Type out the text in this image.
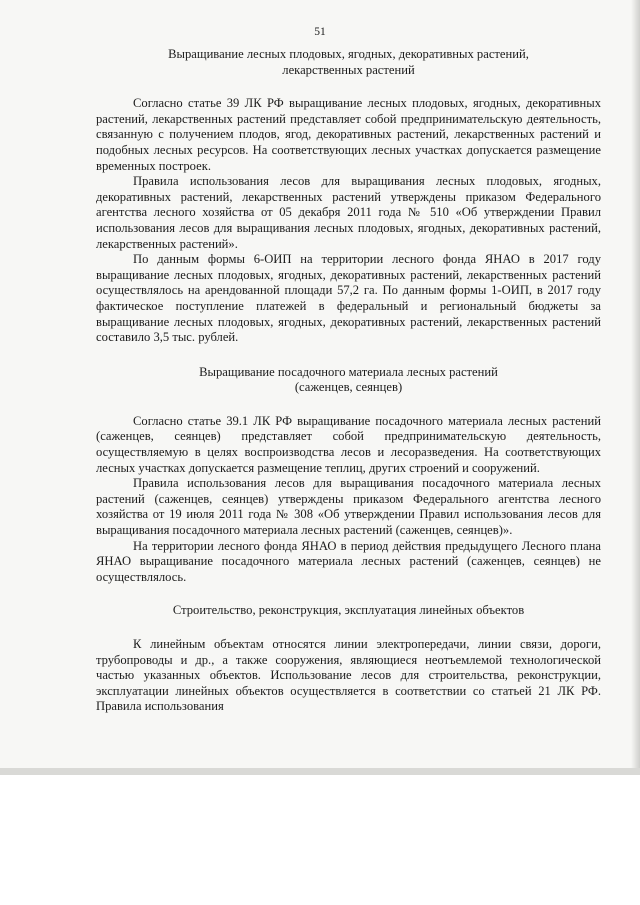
51
Выращивание лесных плодовых, ягодных, декоративных растений,
лекарственных растений

Согласно статье 39 ЛК РФ выращивание лесных плодовых, ягодных, декоративных растений, лекарственных растений представляет собой предпринимательскую деятельность, связанную с получением плодов, ягод, декоративных растений, лекарственных растений и подобных лесных ресурсов. На соответствующих лесных участках допускается размещение временных построек.

Правила использования лесов для выращивания лесных плодовых, ягодных, декоративных растений, лекарственных растений утверждены приказом Федерального агентства лесного хозяйства от 05 декабря 2011 года № 510 «Об утверждении Правил использования лесов для выращивания лесных плодовых, ягодных, декоративных растений, лекарственных растений».

По данным формы 6-ОИП на территории лесного фонда ЯНАО в 2017 году выращивание лесных плодовых, ягодных, декоративных растений, лекарственных растений осуществлялось на арендованной площади 57,2 га. По данным формы 1-ОИП, в 2017 году фактическое поступление платежей в федеральный и региональный бюджеты за выращивание лесных плодовых, ягодных, декоративных растений, лекарственных растений составило 3,5 тыс. рублей.

Выращивание посадочного материала лесных растений
(саженцев, сеянцев)

Согласно статье 39.1 ЛК РФ выращивание посадочного материала лесных растений (саженцев, сеянцев) представляет собой предпринимательскую деятельность, осуществляемую в целях воспроизводства лесов и лесоразведения. На соответствующих лесных участках допускается размещение теплиц, других строений и сооружений.

Правила использования лесов для выращивания посадочного материала лесных растений (саженцев, сеянцев) утверждены приказом Федерального агентства лесного хозяйства от 19 июля 2011 года № 308 «Об утверждении Правил использования лесов для выращивания посадочного материала лесных растений (саженцев, сеянцев)».

На территории лесного фонда ЯНАО в период действия предыдущего Лесного плана ЯНАО выращивание посадочного материала лесных растений (саженцев, сеянцев) не осуществлялось.

Строительство, реконструкция, эксплуатация линейных объектов

К линейным объектам относятся линии электропередачи, линии связи, дороги, трубопроводы и др., а также сооружения, являющиеся неотъемлемой технологической частью указанных объектов. Использование лесов для строительства, реконструкции, эксплуатации линейных объектов осуществляется в соответствии со статьей 21 ЛК РФ. Правила использования
